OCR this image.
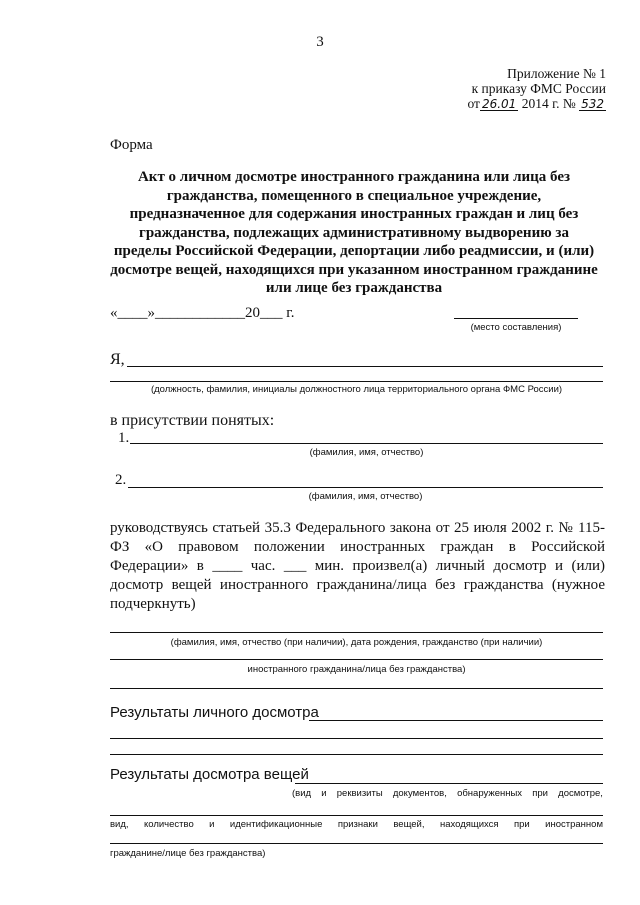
3
Приложение № 1
к приказу ФМС России
от 26.01 2014 г. № 532
Форма
Акт о личном досмотре иностранного гражданина или лица без гражданства, помещенного в специальное учреждение, предназначенное для содержания иностранных граждан и лиц без гражданства, подлежащих административному выдворению за пределы Российской Федерации, депортации либо реадмиссии, и (или) досмотре вещей, находящихся при указанном иностранном гражданине или лице без гражданства
«____»____________20___ г.
(место составления)
Я,
(должность, фамилия, инициалы должностного лица территориального органа ФМС России)
в присутствии понятых:
1.
(фамилия, имя, отчество)
2.
(фамилия, имя, отчество)
руководствуясь статьей 35.3 Федерального закона от 25 июля 2002 г. № 115-ФЗ «О правовом положении иностранных граждан в Российской Федерации» в ____ час. ___ мин. произвел(а) личный досмотр и (или) досмотр вещей иностранного гражданина/лица без гражданства (нужное подчеркнуть)
(фамилия, имя, отчество (при наличии), дата рождения, гражданство (при наличии)
иностранного гражданина/лица без гражданства)
Результаты личного досмотра
Результаты досмотра вещей
(вид и реквизиты документов, обнаруженных при досмотре,
вид, количество и идентификационные признаки вещей, находящихся при иностранном
гражданине/лице без гражданства)
